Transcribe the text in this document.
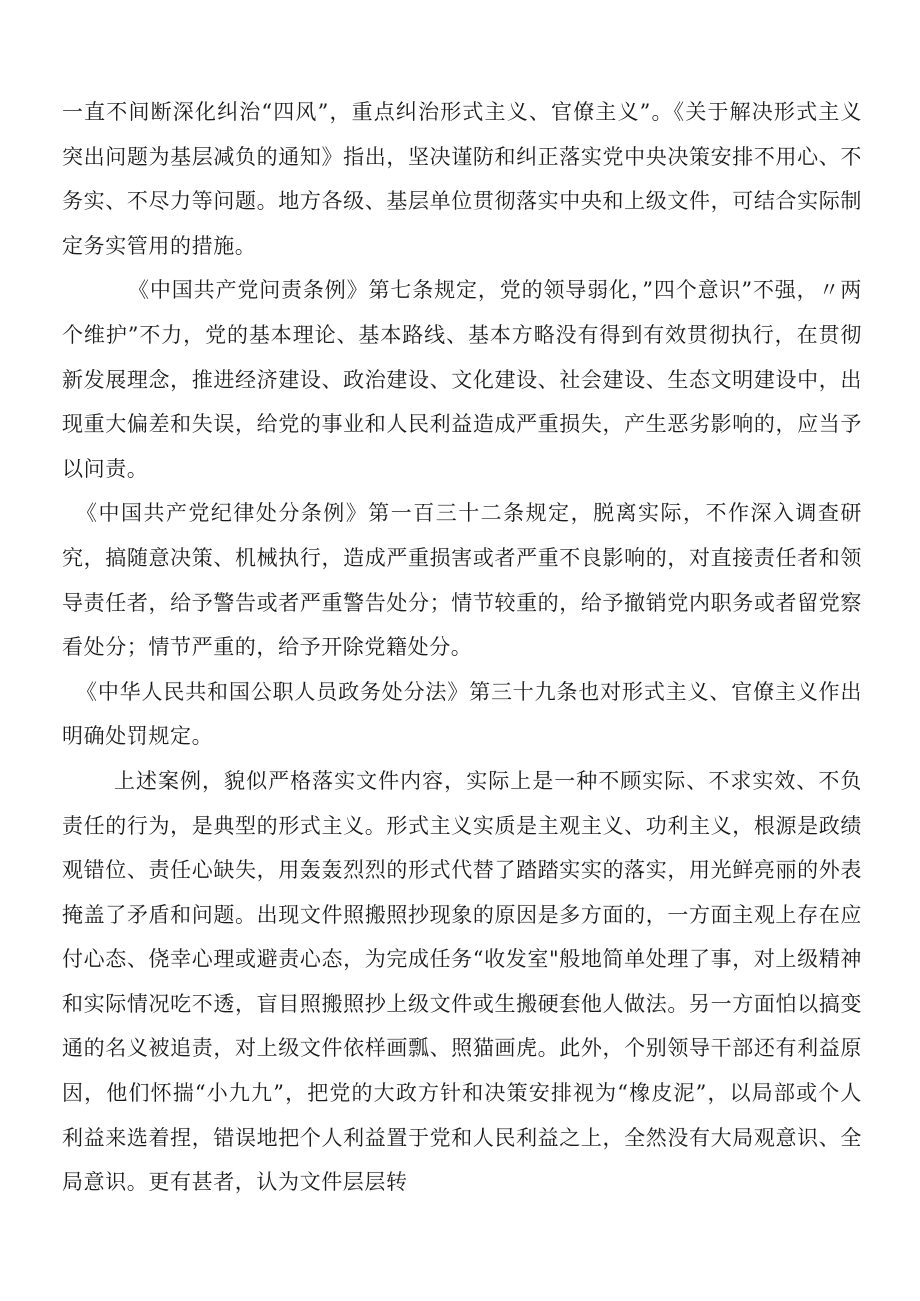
一直不间断深化纠治“四风”，重点纠治形式主义、官僚主义”。《关于解决形式主义突出问题为基层减负的通知》指出，坚决谨防和纠正落实党中央决策安排不用心、不务实、不尽力等问题。地方各级、基层单位贯彻落实中央和上级文件，可结合实际制定务实管用的措施。

《中国共产党问责条例》第七条规定，党的领导弱化，”四个意识”不强，〃两个维护”不力，党的基本理论、基本路线、基本方略没有得到有效贯彻执行，在贯彻新发展理念，推进经济建设、政治建设、文化建设、社会建设、生态文明建设中，出现重大偏差和失误，给党的事业和人民利益造成严重损失，产生恶劣影响的，应当予以问责。

《中国共产党纪律处分条例》第一百三十二条规定，脱离实际，不作深入调查研究，搞随意决策、机械执行，造成严重损害或者严重不良影响的，对直接责任者和领导责任者，给予警告或者严重警告处分；情节较重的，给予撤销党内职务或者留党察看处分；情节严重的，给予开除党籍处分。

《中华人民共和国公职人员政务处分法》第三十九条也对形式主义、官僚主义作出明确处罚规定。

上述案例，貌似严格落实文件内容，实际上是一种不顾实际、不求实效、不负责任的行为，是典型的形式主义。形式主义实质是主观主义、功利主义，根源是政绩观错位、责任心缺失，用轰轰烈烈的形式代替了踏踏实实的落实，用光鲜亮丽的外表掩盖了矛盾和问题。出现文件照搬照抄现象的原因是多方面的，一方面主观上存在应付心态、侥幸心理或避责心态，为完成任务“收发室"般地简单处理了事，对上级精神和实际情况吃不透，盲目照搬照抄上级文件或生搬硬套他人做法。另一方面怕以搞变通的名义被追责，对上级文件依样画瓢、照猫画虎。此外，个别领导干部还有利益原因，他们怀揣“小九九”，把党的大政方针和决策安排视为“橡皮泥”，以局部或个人利益来选着捏，错误地把个人利益置于党和人民利益之上，全然没有大局观意识、全局意识。更有甚者，认为文件层层转
